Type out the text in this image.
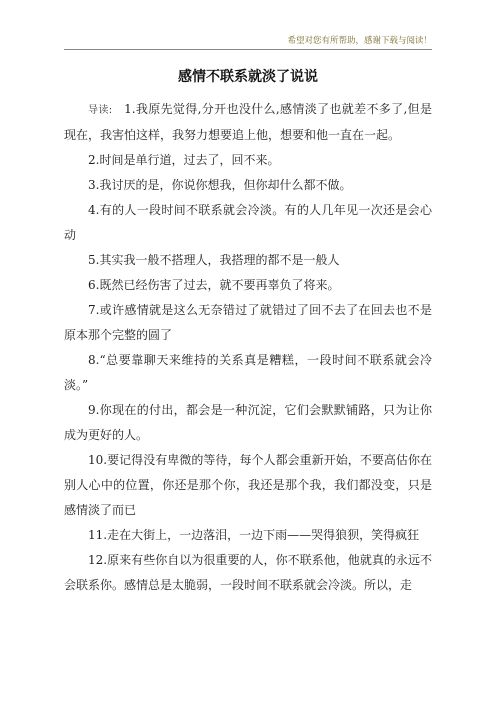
希望对您有所帮助，感谢下载与阅读！
感情不联系就淡了说说

导读: 1.我原先觉得,分开也没什么,感情淡了也就差不多了,但是现在，我害怕这样，我努力想要追上他，想要和他一直在一起。

2.时间是单行道，过去了，回不来。

3.我讨厌的是，你说你想我，但你却什么都不做。

4.有的人一段时间不联系就会冷淡。有的人几年见一次还是会心动

5.其实我一般不搭理人，我搭理的都不是一般人

6.既然已经伤害了过去，就不要再辜负了将来。

7.或许感情就是这么无奈错过了就错过了回不去了在回去也不是原本那个完整的圆了

8.“总要靠聊天来维持的关系真是糟糕，一段时间不联系就会冷淡。”

9.你现在的付出，都会是一种沉淀，它们会默默铺路，只为让你成为更好的人。

10.要记得没有卑微的等待，每个人都会重新开始，不要高估你在别人心中的位置，你还是那个你，我还是那个我，我们都没变，只是感情淡了而已

11.走在大街上，一边落泪，一边下雨——哭得狼狈，笑得疯狂

12.原来有些你自以为很重要的人，你不联系他，他就真的永远不会联系你。感情总是太脆弱，一段时间不联系就会冷淡。所以，走
